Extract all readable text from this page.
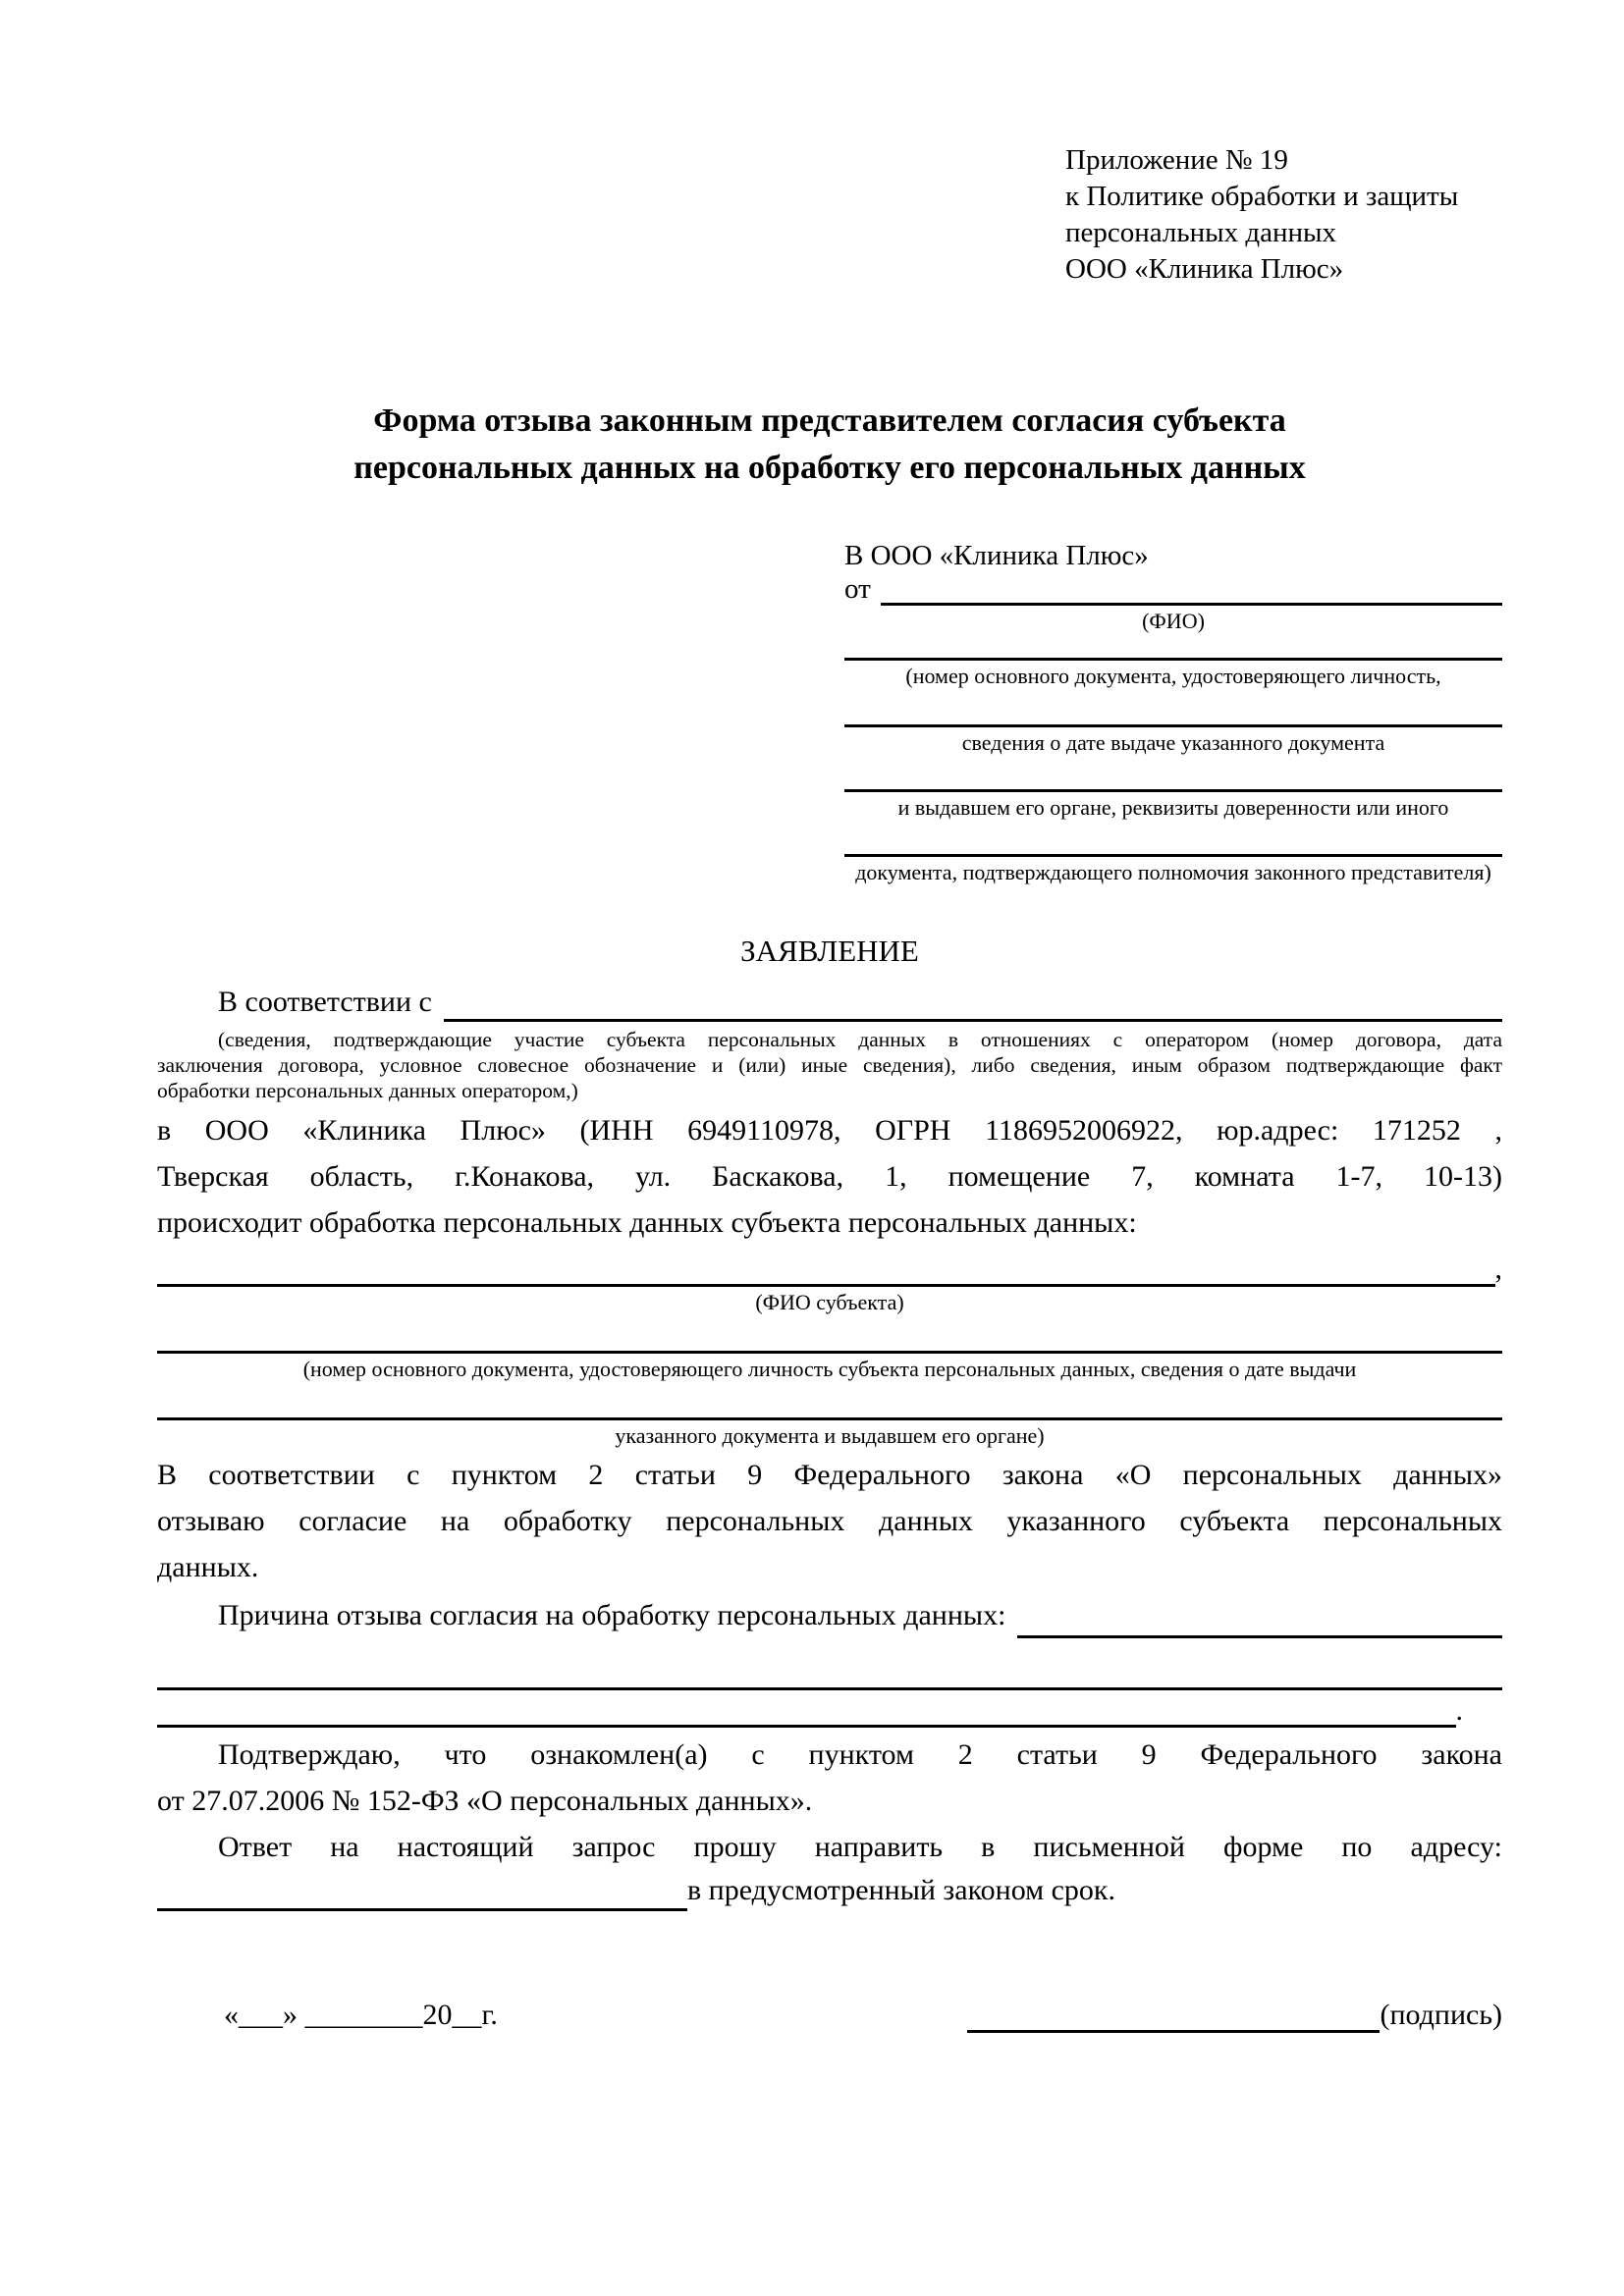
Приложение № 19
к Политике обработки и защиты
персональных данных
ООО «Клиника Плюс»
Форма отзыва законным представителем согласия субъекта
персональных данных на обработку его персональных данных
В ООО «Клиника Плюс»
от
(ФИО)
(номер основного документа, удостоверяющего личность,
сведения о дате выдаче указанного документа
и выдавшем его органе, реквизиты доверенности или иного
документа, подтверждающего полномочия законного представителя)
ЗАЯВЛЕНИЕ
В соответствии с
(сведения, подтверждающие участие субъекта персональных данных в отношениях с оператором (номер договора, дата
заключения договора, условное словесное обозначение и (или) иные сведения), либо сведения, иным образом подтверждающие факт
обработки персональных данных оператором,)
в ООО «Клиника Плюс» (ИНН 6949110978, ОГРН 1186952006922, юр.адрес: 171252 ,
Тверская область, г.Конакова, ул. Баскакова, 1, помещение 7, комната 1-7, 10-13)
происходит обработка персональных данных субъекта персональных данных:
,
(ФИО субъекта)
(номер основного документа, удостоверяющего личность субъекта персональных данных, сведения о дате выдачи
указанного документа и выдавшем его органе)
В соответствии с пунктом 2 статьи 9 Федерального закона «О персональных данных»
отзываю согласие на обработку персональных данных указанного субъекта персональных
данных.
Причина отзыва согласия на обработку персональных данных:
.
Подтверждаю, что ознакомлен(а) с пунктом 2 статьи 9 Федерального закона
от 27.07.2006 № 152-ФЗ «О персональных данных».
Ответ на настоящий запрос прошу направить в письменной форме по адресу:
в предусмотренный законом срок.
«___» ________20__г.	(подпись)
